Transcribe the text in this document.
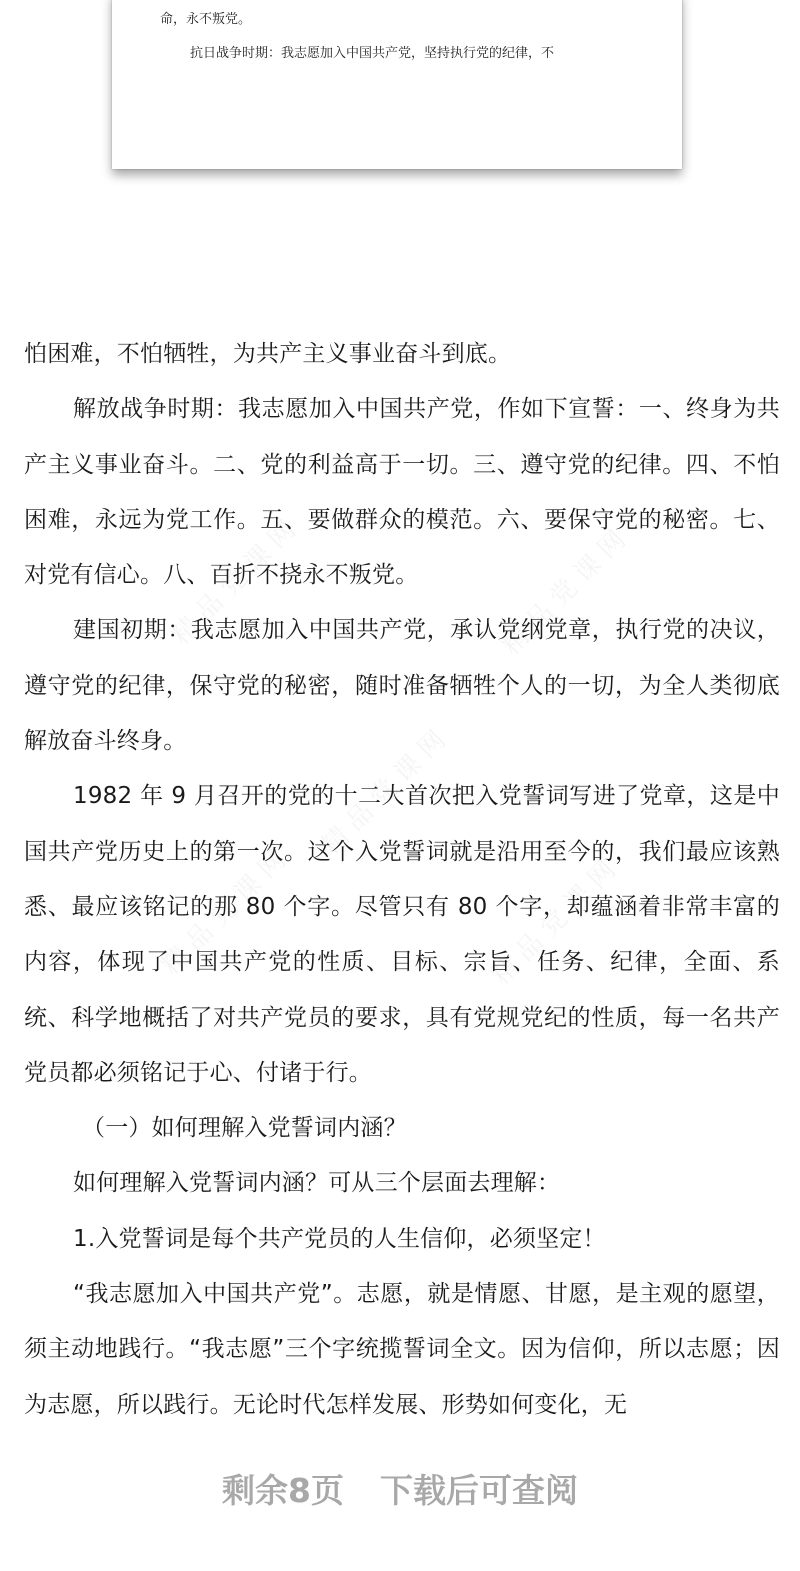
命，永不叛党。
抗日战争时期：我志愿加入中国共产党，坚持执行党的纪律，不

怕困难，不怕牺牲，为共产主义事业奋斗到底。

解放战争时期：我志愿加入中国共产党，作如下宣誓：一、终身为共产主义事业奋斗。二、党的利益高于一切。三、遵守党的纪律。四、不怕困难，永远为党工作。五、要做群众的模范。六、要保守党的秘密。七、对党有信心。八、百折不挠永不叛党。

建国初期：我志愿加入中国共产党，承认党纲党章，执行党的决议，遵守党的纪律，保守党的秘密，随时准备牺牲个人的一切，为全人类彻底解放奋斗终身。

1982 年 9 月召开的党的十二大首次把入党誓词写进了党章，这是中国共产党历史上的第一次。这个入党誓词就是沿用至今的，我们最应该熟悉、最应该铭记的那 80 个字。尽管只有 80 个字，却蕴涵着非常丰富的内容，体现了中国共产党的性质、目标、宗旨、任务、纪律，全面、系统、科学地概括了对共产党员的要求，具有党规党纪的性质，每一名共产党员都必须铭记于心、付诸于行。

（一）如何理解入党誓词内涵？

如何理解入党誓词内涵？可从三个层面去理解：

1.入党誓词是每个共产党员的人生信仰，必须坚定！

“我志愿加入中国共产党”。志愿，就是情愿、甘愿，是主观的愿望，须主动地践行。“我志愿”三个字统揽誓词全文。因为信仰，所以志愿；因为志愿，所以践行。无论时代怎样发展、形势如何变化，无

剩余8页 下载后可查阅
